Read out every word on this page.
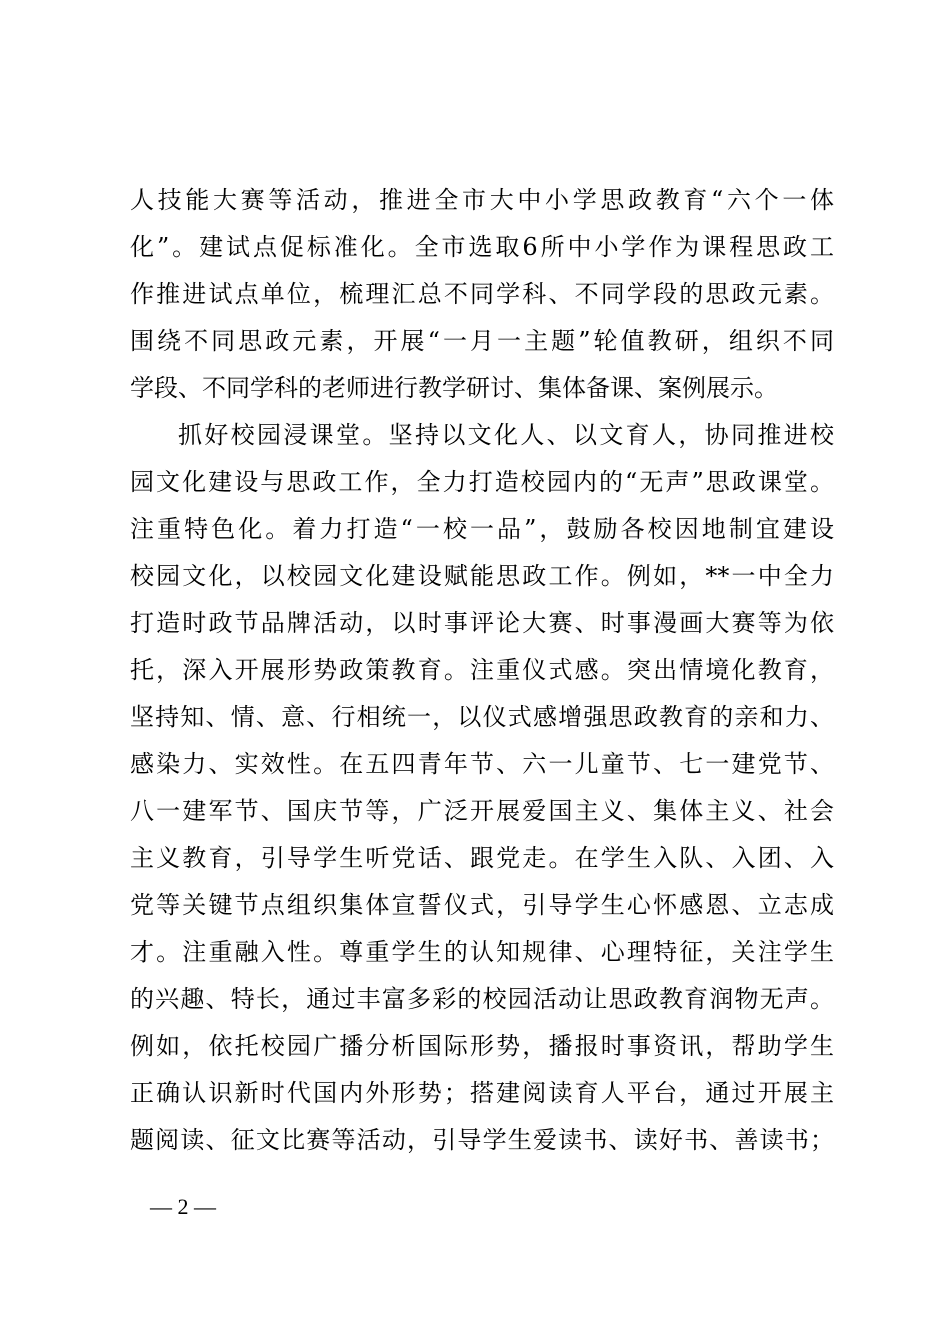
人技能大赛等活动，推进全市大中小学思政教育“六个一体
化”。建试点促标准化。全市选取6所中小学作为课程思政工
作推进试点单位，梳理汇总不同学科、不同学段的思政元素。
围绕不同思政元素，开展“一月一主题”轮值教研，组织不同
学段、不同学科的老师进行教学研讨、集体备课、案例展示。
抓好校园浸课堂。坚持以文化人、以文育人，协同推进校
园文化建设与思政工作，全力打造校园内的“无声”思政课堂。
注重特色化。着力打造“一校一品”，鼓励各校因地制宜建设
校园文化，以校园文化建设赋能思政工作。例如，**一中全力
打造时政节品牌活动，以时事评论大赛、时事漫画大赛等为依
托，深入开展形势政策教育。注重仪式感。突出情境化教育，
坚持知、情、意、行相统一，以仪式感增强思政教育的亲和力、
感染力、实效性。在五四青年节、六一儿童节、七一建党节、
八一建军节、国庆节等，广泛开展爱国主义、集体主义、社会
主义教育，引导学生听党话、跟党走。在学生入队、入团、入
党等关键节点组织集体宣誓仪式，引导学生心怀感恩、立志成
才。注重融入性。尊重学生的认知规律、心理特征，关注学生
的兴趣、特长，通过丰富多彩的校园活动让思政教育润物无声。
例如，依托校园广播分析国际形势，播报时事资讯，帮助学生
正确认识新时代国内外形势；搭建阅读育人平台，通过开展主
题阅读、征文比赛等活动，引导学生爱读书、读好书、善读书；
— 2 —
